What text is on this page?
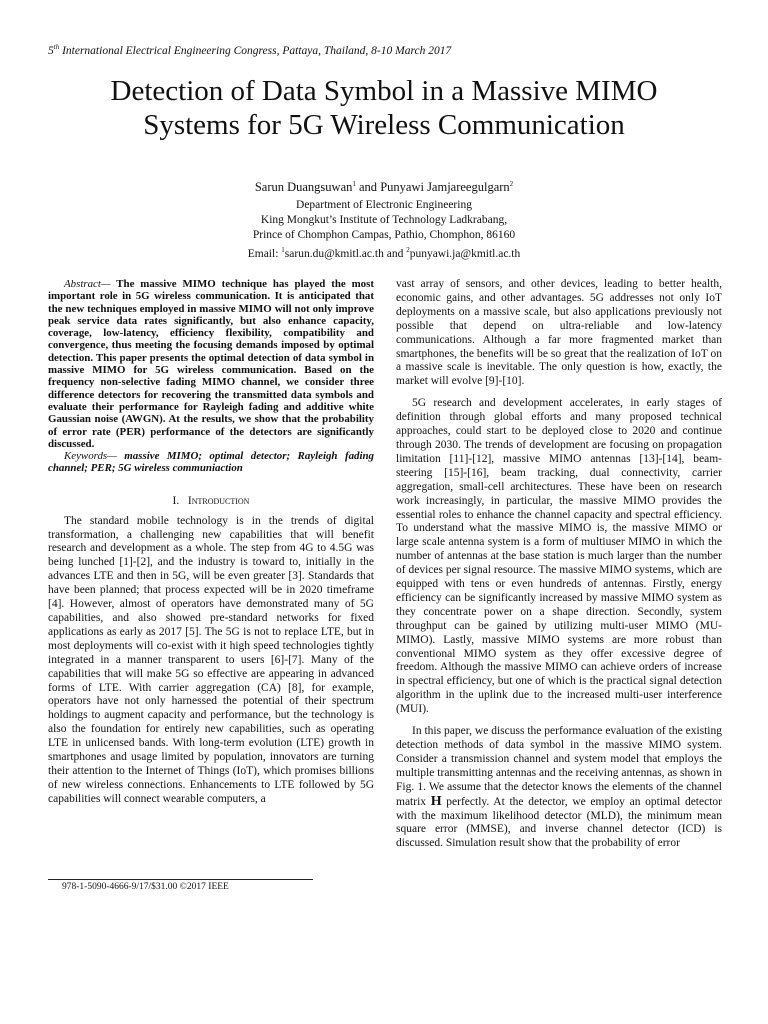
5th International Electrical Engineering Congress, Pattaya, Thailand, 8-10 March 2017
Detection of Data Symbol in a Massive MIMO
Systems for 5G Wireless Communication
Sarun Duangsuwan$^1$ and Punyawi Jamjareegulgarn$^2$
Department of Electronic Engineering
King Mongkut’s Institute of Technology Ladkrabang,
Prince of Chomphon Campas, Pathio, Chomphon, 86160
Email: $^1$sarun.du@kmitl.ac.th and $^2$punyawi.ja@kmitl.ac.th

Abstract— The massive MIMO technique has played the most important role in 5G wireless communication. It is anticipated that the new techniques employed in massive MIMO will not only improve peak service data rates significantly, but also enhance capacity, coverage, low-latency, efficiency flexibility, compatibility and convergence, thus meeting the focusing demands imposed by optimal detection. This paper presents the optimal detection of data symbol in massive MIMO for 5G wireless communication. Based on the frequency non-selective fading MIMO channel, we consider three difference detectors for recovering the transmitted data symbols and evaluate their performance for Rayleigh fading and additive white Gaussian noise (AWGN). At the results, we show that the probability of error rate (PER) performance of the detectors are significantly discussed.

Keywords— massive MIMO; optimal detector; Rayleigh fading channel; PER; 5G wireless communiaction

I. Introduction

The standard mobile technology is in the trends of digital transformation, a challenging new capabilities that will benefit research and development as a whole. The step from 4G to 4.5G was being lunched [1]-[2], and the industry is toward to, initially in the advances LTE and then in 5G, will be even greater [3]. Standards that have been planned; that process expected will be in 2020 timeframe [4]. However, almost of operators have demonstrated many of 5G capabilities, and also showed pre-standard networks for fixed applications as early as 2017 [5]. The 5G is not to replace LTE, but in most deployments will co-exist with it high speed technologies tightly integrated in a manner transparent to users [6]-[7]. Many of the capabilities that will make 5G so effective are appearing in advanced forms of LTE. With carrier aggregation (CA) [8], for example, operators have not only harnessed the potential of their spectrum holdings to augment capacity and performance, but the technology is also the foundation for entirely new capabilities, such as operating LTE in unlicensed bands. With long-term evolution (LTE) growth in smartphones and usage limited by population, innovators are turning their attention to the Internet of Things (IoT), which promises billions of new wireless connections. Enhancements to LTE followed by 5G capabilities will connect wearable computers, a

vast array of sensors, and other devices, leading to better health, economic gains, and other advantages. 5G addresses not only IoT deployments on a massive scale, but also applications previously not possible that depend on ultra-reliable and low-latency communications. Although a far more fragmented market than smartphones, the benefits will be so great that the realization of IoT on a massive scale is inevitable. The only question is how, exactly, the market will evolve [9]-[10].

5G research and development accelerates, in early stages of definition through global efforts and many proposed technical approaches, could start to be deployed close to 2020 and continue through 2030. The trends of development are focusing on propagation limitation [11]-[12], massive MIMO antennas [13]-[14], beam-steering [15]-[16], beam tracking, dual connectivity, carrier aggregation, small-cell architectures. These have been on research work increasingly, in particular, the massive MIMO provides the essential roles to enhance the channel capacity and spectral efficiency. To understand what the massive MIMO is, the massive MIMO or large scale antenna system is a form of multiuser MIMO in which the number of antennas at the base station is much larger than the number of devices per signal resource. The massive MIMO systems, which are equipped with tens or even hundreds of antennas. Firstly, energy efficiency can be significantly increased by massive MIMO system as they concentrate power on a shape direction. Secondly, system throughput can be gained by utilizing multi-user MIMO (MU-MIMO). Lastly, massive MIMO systems are more robust than conventional MIMO system as they offer excessive degree of freedom. Although the massive MIMO can achieve orders of increase in spectral efficiency, but one of which is the practical signal detection algorithm in the uplink due to the increased multi-user interference (MUI).

In this paper, we discuss the performance evaluation of the existing detection methods of data symbol in the massive MIMO system. Consider a transmission channel and system model that employs the multiple transmitting antennas and the receiving antennas, as shown in Fig. 1. We assume that the detector knows the elements of the channel matrix H perfectly. At the detector, we employ an optimal detector with the maximum likelihood detector (MLD), the minimum mean square error (MMSE), and inverse channel detector (ICD) is discussed. Simulation result show that the probability of error

978-1-5090-4666-9/17/$31.00 ©2017 IEEE
